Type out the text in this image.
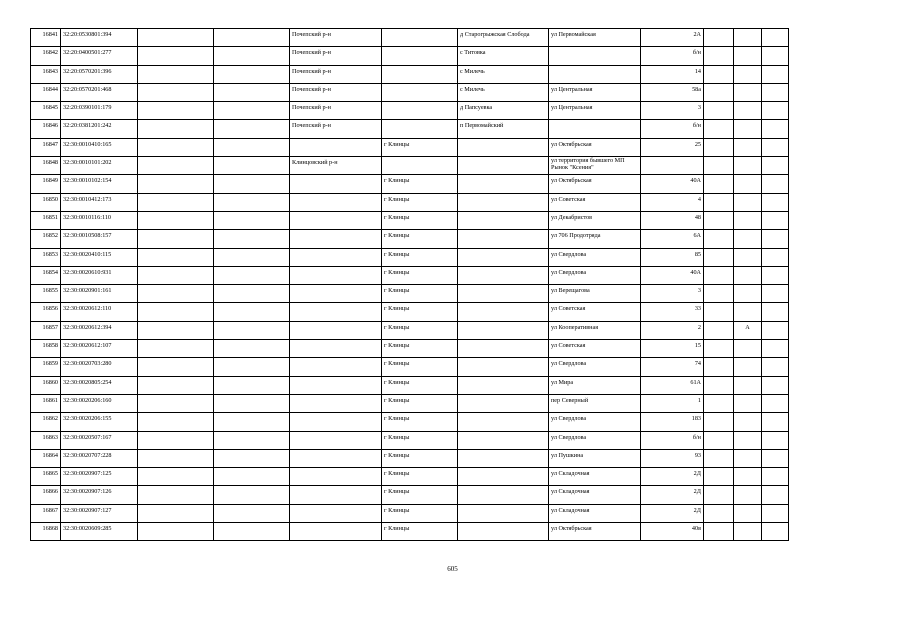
16841	32:20:0530801:394			Почепский р-н		д Старогрыжская Слобода	ул Первомайская	2А			
16842	32:20:0400501:277			Почепский р-н		с Титовка		б/н			
16843	32:20:0570201:396			Почепский р-н		с Милечь		14			
16844	32:20:0570201:468			Почепский р-н		с Милечь	ул Центральная	58а			
16845	32:20:0390101:179			Почепский р-н		д Папсуевка	ул Центральная	3			
16846	32:20:0381201:242			Почепский р-н		п Первомайский		б/н			
16847	32:30:0010410:165				г Клинцы		ул Октябрьская	25			
16848	32:30:0010101:202			Клинцовский р-н			ул территория бывшего МП Рынок "Ксения"				
16849	32:30:0010102:154				г Клинцы		ул Октябрьская	40А			
16850	32:30:0010412:173				г Клинцы		ул Советская	4			
16851	32:30:0010116:110				г Клинцы		ул Декабристов	48			
16852	32:30:0010508:157				г Клинцы		ул 706 Продотряда	6А			
16853	32:30:0020410:115				г Клинцы		ул Свердлова	85			
16854	32:30:0020610:931				г Клинцы		ул Свердлова	40А			
16855	32:30:0020901:161				г Клинцы		ул Верещагова	3			
16856	32:30:0020612:110				г Клинцы		ул Советская	33			
16857	32:30:0020612:394				г Клинцы		ул Кооперативная	2		А	
16858	32:30:0020612:107				г Клинцы		ул Советская	15			
16859	32:30:0020703:280				г Клинцы		ул Свердлова	74			
16860	32:30:0020805:254				г Клинцы		ул Мира	61А			
16861	32:30:0020206:160				г Клинцы		пер Северный	1			
16862	32:30:0020206:155				г Клинцы		ул Свердлова	183			
16863	32:30:0020507:167				г Клинцы		ул Свердлова	б/н			
16864	32:30:0020707:228				г Клинцы		ул Пушкина	93			
16865	32:30:0020907:125				г Клинцы		ул Складочная	2Д			
16866	32:30:0020907:126				г Клинцы		ул Складочная	2Д			
16867	32:30:0020907:127				г Клинцы		ул Складочная	2Д			
16868	32:30:0020609:285				г Клинцы		ул Октябрьская	40в			
605
